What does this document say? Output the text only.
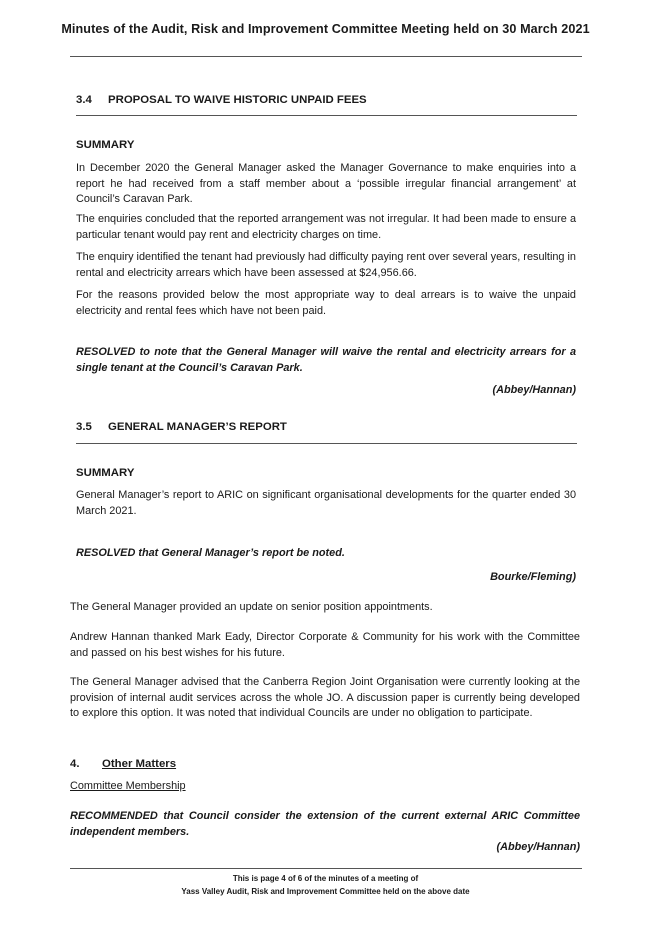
Minutes of the Audit, Risk and Improvement Committee Meeting held on 30 March 2021
3.4 PROPOSAL TO WAIVE HISTORIC UNPAID FEES
SUMMARY
In December 2020 the General Manager asked the Manager Governance to make enquiries into a report he had received from a staff member about a ‘possible irregular financial arrangement’ at Council’s Caravan Park.
The enquiries concluded that the reported arrangement was not irregular. It had been made to ensure a particular tenant would pay rent and electricity charges on time.
The enquiry identified the tenant had previously had difficulty paying rent over several years, resulting in rental and electricity arrears which have been assessed at $24,956.66.
For the reasons provided below the most appropriate way to deal arrears is to waive the unpaid electricity and rental fees which have not been paid.
RESOLVED to note that the General Manager will waive the rental and electricity arrears for a single tenant at the Council’s Caravan Park.
(Abbey/Hannan)
3.5 GENERAL MANAGER’S REPORT
SUMMARY
General Manager’s report to ARIC on significant organisational developments for the quarter ended 30 March 2021.
RESOLVED that General Manager’s report be noted.
Bourke/Fleming)
The General Manager provided an update on senior position appointments.
Andrew Hannan thanked Mark Eady, Director Corporate & Community for his work with the Committee and passed on his best wishes for his future.
The General Manager advised that the Canberra Region Joint Organisation were currently looking at the provision of internal audit services across the whole JO. A discussion paper is currently being developed to explore this option. It was noted that individual Councils are under no obligation to participate.
4. Other Matters
Committee Membership
RECOMMENDED that Council consider the extension of the current external ARIC Committee independent members.
(Abbey/Hannan)
This is page 4 of 6 of the minutes of a meeting of
Yass Valley Audit, Risk and Improvement Committee held on the above date
